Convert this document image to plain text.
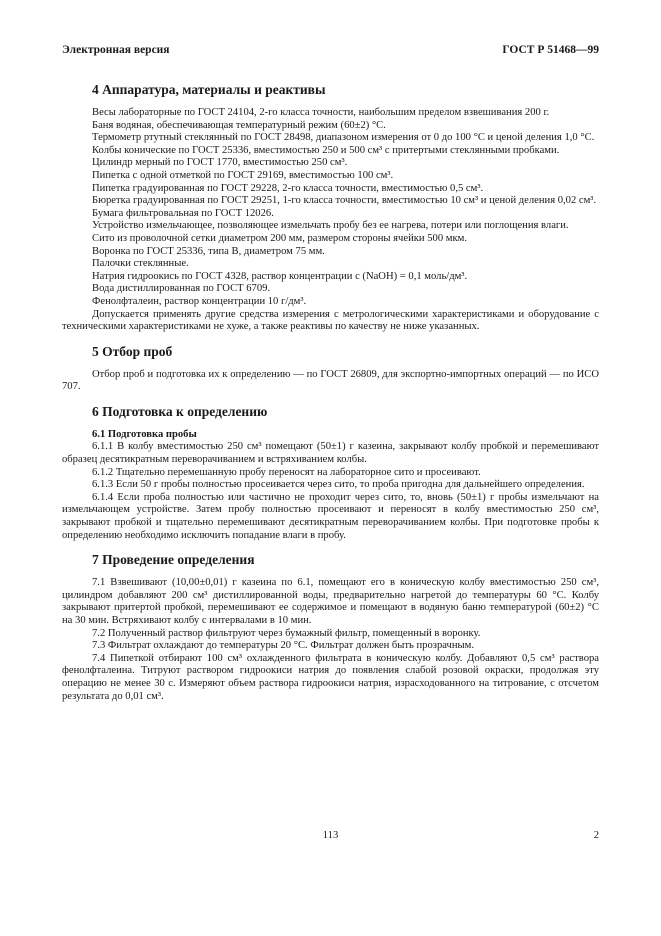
Электронная версия	ГОСТ Р 51468—99
4 Аппаратура, материалы и реактивы

Весы лабораторные по ГОСТ 24104, 2-го класса точности, наибольшим пределом взвешивания 200 г.

Баня водяная, обеспечивающая температурный режим (60±2) °С.

Термометр ртутный стеклянный по ГОСТ 28498, диапазоном измерения от 0 до 100 °С и ценой деления 1,0 °С.

Колбы конические по ГОСТ 25336, вместимостью 250 и 500 см³ с притертыми стеклянными пробками.

Цилиндр мерный по ГОСТ 1770, вместимостью 250 см³.

Пипетка с одной отметкой по ГОСТ 29169, вместимостью 100 см³.

Пипетка градуированная по ГОСТ 29228, 2-го класса точности, вместимостью 0,5 см³.

Бюретка градуированная по ГОСТ 29251, 1-го класса точности, вместимостью 10 см³ и ценой деления 0,02 см³.

Бумага фильтровальная по ГОСТ 12026.

Устройство измельчающее, позволяющее измельчать пробу без ее нагрева, потери или поглощения влаги.

Сито из проволочной сетки диаметром 200 мм, размером стороны ячейки 500 мкм.

Воронка по ГОСТ 25336, типа В, диаметром 75 мм.

Палочки стеклянные.

Натрия гидроокись по ГОСТ 4328, раствор концентрации c (NaOH) = 0,1 моль/дм³.

Вода дистиллированная по ГОСТ 6709.

Фенолфталеин, раствор концентрации 10 г/дм³.

Допускается применять другие средства измерения с метрологическими характеристиками и оборудование с техническими характеристиками не хуже, а также реактивы по качеству не ниже указанных.

5 Отбор проб

Отбор проб и подготовка их к определению — по ГОСТ 26809, для экспортно-импортных операций — по ИСО 707.

6 Подготовка к определению
6.1 Подготовка пробы

6.1.1 В колбу вместимостью 250 см³ помещают (50±1) г казеина, закрывают колбу пробкой и перемешивают образец десятикратным переворачиванием и встряхиванием колбы.

6.1.2 Тщательно перемешанную пробу переносят на лабораторное сито и просеивают.

6.1.3 Если 50 г пробы полностью просеивается через сито, то проба пригодна для дальнейшего определения.

6.1.4 Если проба полностью или частично не проходит через сито, то, вновь (50±1) г пробы измельчают на измельчающем устройстве. Затем пробу полностью просеивают и переносят в колбу вместимостью 250 см³, закрывают пробкой и тщательно перемешивают десятикратным переворачиванием колбы. При подготовке пробы к определению необходимо исключить попадание влаги в пробу.

7 Проведение определения

7.1 Взвешивают (10,00±0,01) г казеина по 6.1, помещают его в коническую колбу вместимостью 250 см³, цилиндром добавляют 200 см³ дистиллированной воды, предварительно нагретой до температуры 60 °С. Колбу закрывают притертой пробкой, перемешивают ее содержимое и помещают в водяную баню температурой (60±2) °С на 30 мин. Встряхивают колбу с интервалами в 10 мин.

7.2 Полученный раствор фильтруют через бумажный фильтр, помещенный в воронку.

7.3 Фильтрат охлаждают до температуры 20 °С. Фильтрат должен быть прозрачным.

7.4 Пипеткой отбирают 100 см³ охлажденного фильтрата в коническую колбу. Добавляют 0,5 см³ раствора фенолфталеина. Титруют раствором гидроокиси натрия до появления слабой розовой окраски, продолжая эту операцию не менее 30 с. Измеряют объем раствора гидроокиси натрия, израсходованного на титрование, с отсчетом результата до 0,01 см³.

113	2
